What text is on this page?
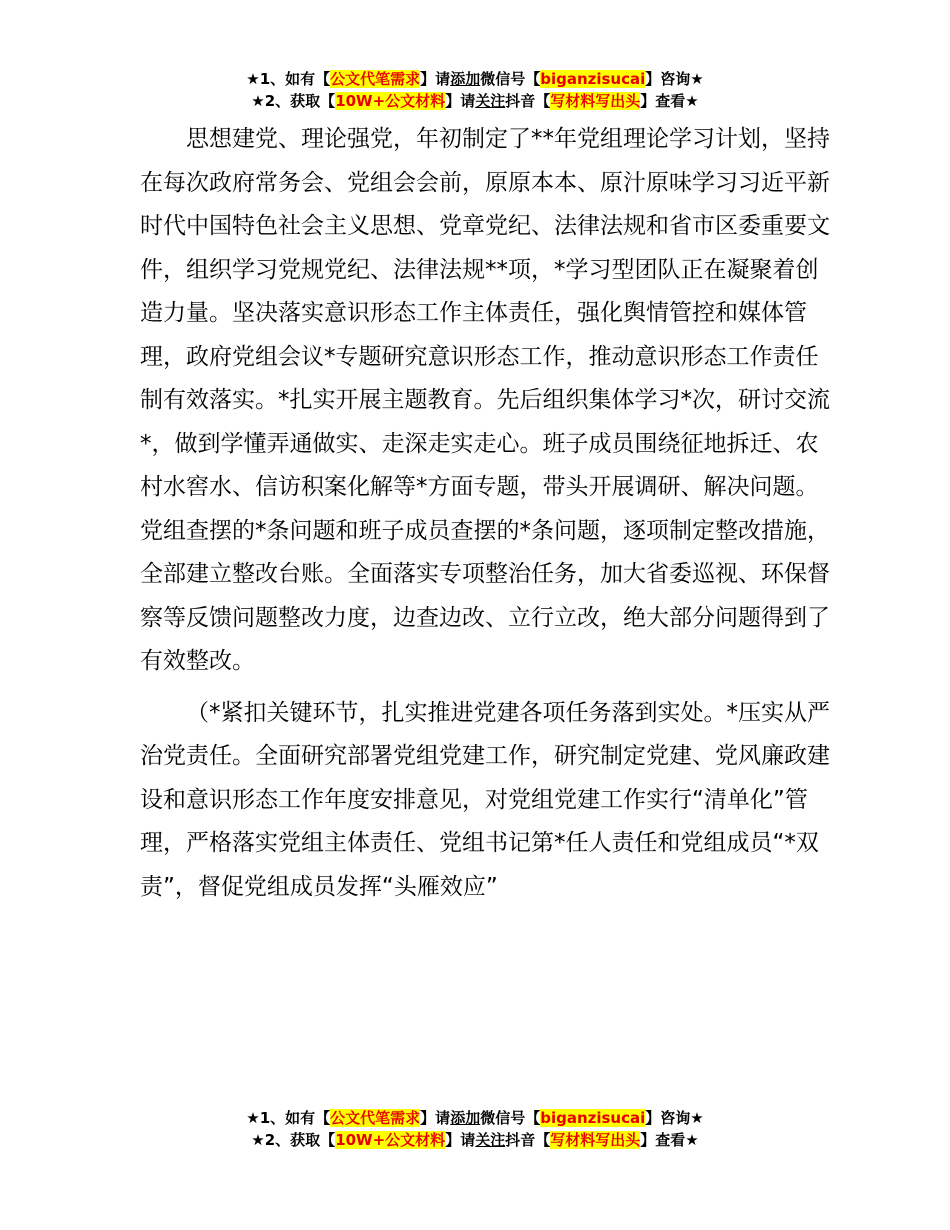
★1、如有【公文代笔需求】请添加微信号【biganzisucai】咨询★
★2、获取【10W+公文材料】请关注抖音【写材料写出头】查看★

思想建党、理论强党，年初制定了**年党组理论学习计划，坚持在每次政府常务会、党组会会前，原原本本、原汁原味学习习近平新时代中国特色社会主义思想、党章党纪、法律法规和省市区委重要文件，组织学习党规党纪、法律法规**项，*学习型团队正在凝聚着创造力量。坚决落实意识形态工作主体责任，强化舆情管控和媒体管理，政府党组会议*专题研究意识形态工作，推动意识形态工作责任制有效落实。*扎实开展主题教育。先后组织集体学习*次，研讨交流*，做到学懂弄通做实、走深走实走心。班子成员围绕征地拆迁、农村水窖水、信访积案化解等*方面专题，带头开展调研、解决问题。党组查摆的*条问题和班子成员查摆的*条问题，逐项制定整改措施，全部建立整改台账。全面落实专项整治任务，加大省委巡视、环保督察等反馈问题整改力度，边查边改、立行立改，绝大部分问题得到了有效整改。

（*紧扣关键环节，扎实推进党建各项任务落到实处。*压实从严治党责任。全面研究部署党组党建工作，研究制定党建、党风廉政建设和意识形态工作年度安排意见，对党组党建工作实行“清单化”管理，严格落实党组主体责任、党组书记第*任人责任和党组成员“*双责”，督促党组成员发挥“头雁效应”

★1、如有【公文代笔需求】请添加微信号【biganzisucai】咨询★
★2、获取【10W+公文材料】请关注抖音【写材料写出头】查看★
